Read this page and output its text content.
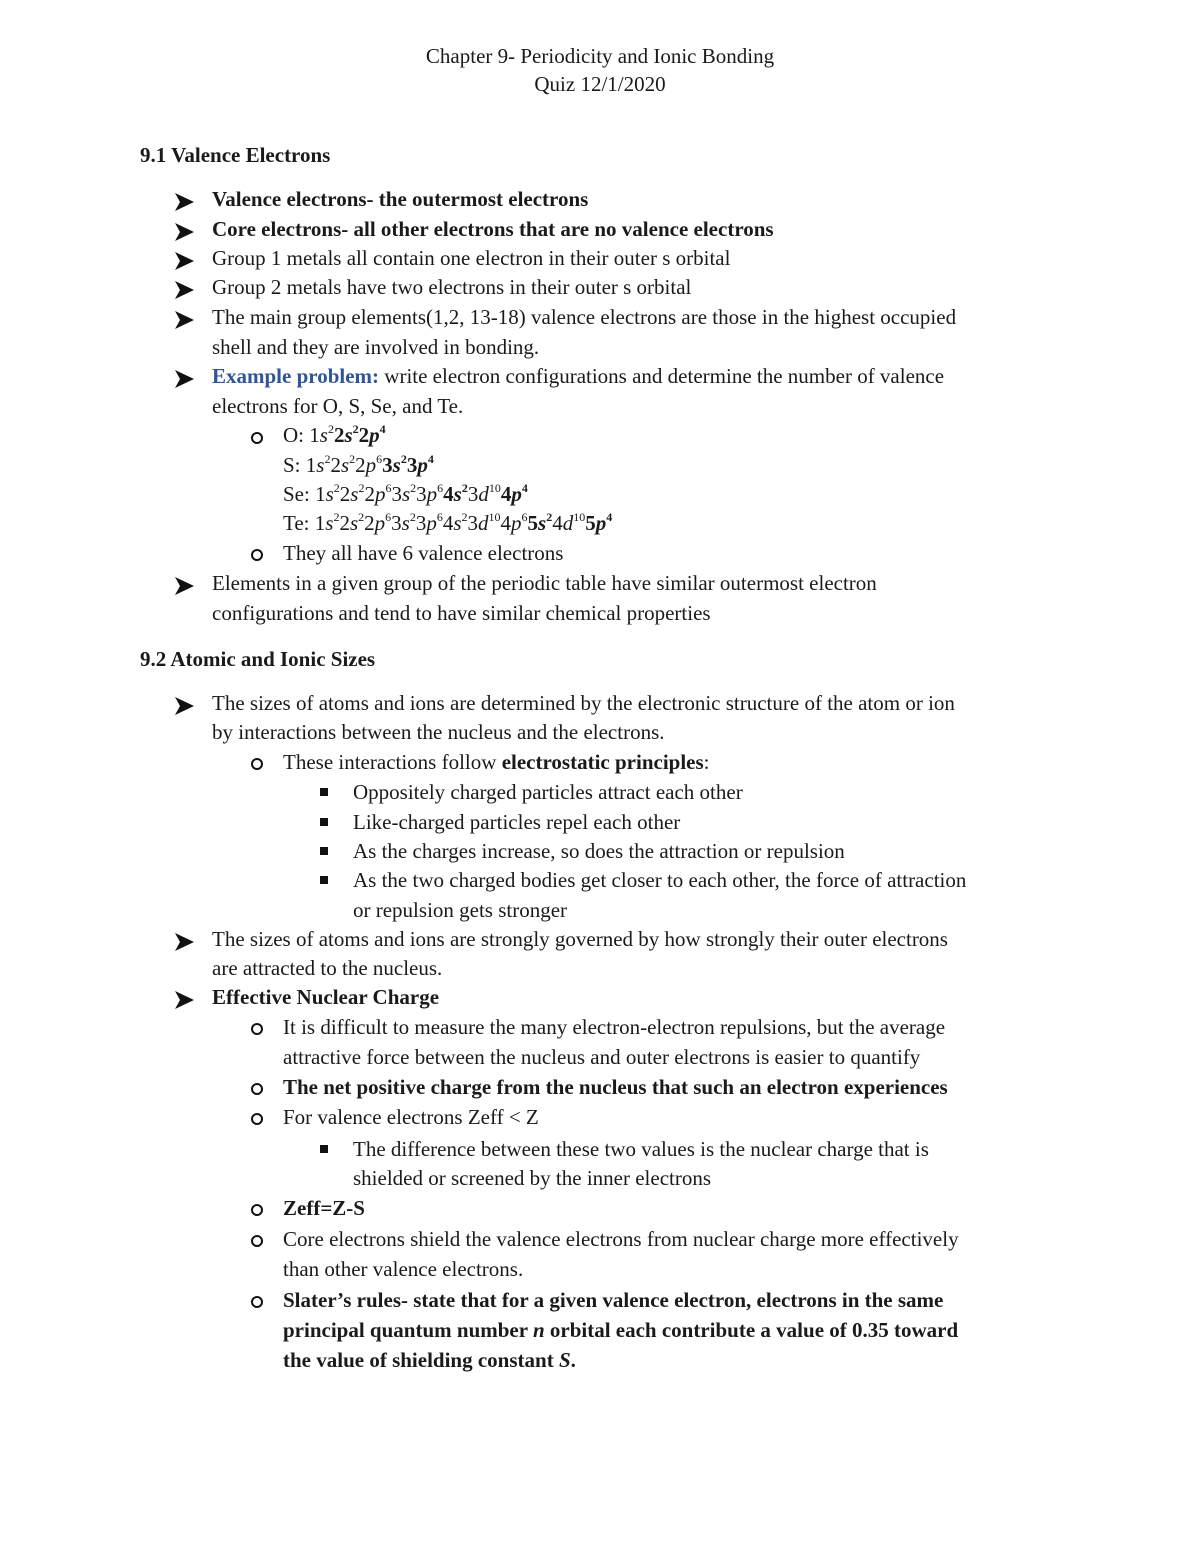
Chapter 9- Periodicity and Ionic Bonding
Quiz 12/1/2020
9.1 Valence Electrons
Valence electrons- the outermost electrons
Core electrons- all other electrons that are no valence electrons
Group 1 metals all contain one electron in their outer s orbital
Group 2 metals have two electrons in their outer s orbital
The main group elements(1,2, 13-18) valence electrons are those in the highest occupied
shell and they are involved in bonding.
Example problem: write electron configurations and determine the number of valence
electrons for O, S, Se, and Te.
O: $1s^22s^22p^4$
S: $1s^22s^22p^63s^23p^4$
Se: $1s^22s^22p^63s^23p^64s^23d^{10}4p^4$
Te: $1s^22s^22p^63s^23p^64s^23d^{10}4p^65s^24d^{10}5p^4$
They all have 6 valence electrons
Elements in a given group of the periodic table have similar outermost electron
configurations and tend to have similar chemical properties
9.2 Atomic and Ionic Sizes
The sizes of atoms and ions are determined by the electronic structure of the atom or ion
by interactions between the nucleus and the electrons.
These interactions follow electrostatic principles:
Oppositely charged particles attract each other
Like-charged particles repel each other
As the charges increase, so does the attraction or repulsion
As the two charged bodies get closer to each other, the force of attraction
or repulsion gets stronger
The sizes of atoms and ions are strongly governed by how strongly their outer electrons
are attracted to the nucleus.
Effective Nuclear Charge
It is difficult to measure the many electron-electron repulsions, but the average
attractive force between the nucleus and outer electrons is easier to quantify
The net positive charge from the nucleus that such an electron experiences
For valence electrons Zeff < Z
The difference between these two values is the nuclear charge that is
shielded or screened by the inner electrons
Zeff=Z-S
Core electrons shield the valence electrons from nuclear charge more effectively
than other valence electrons.
Slater’s rules- state that for a given valence electron, electrons in the same
principal quantum number n orbital each contribute a value of 0.35 toward
the value of shielding constant S.
